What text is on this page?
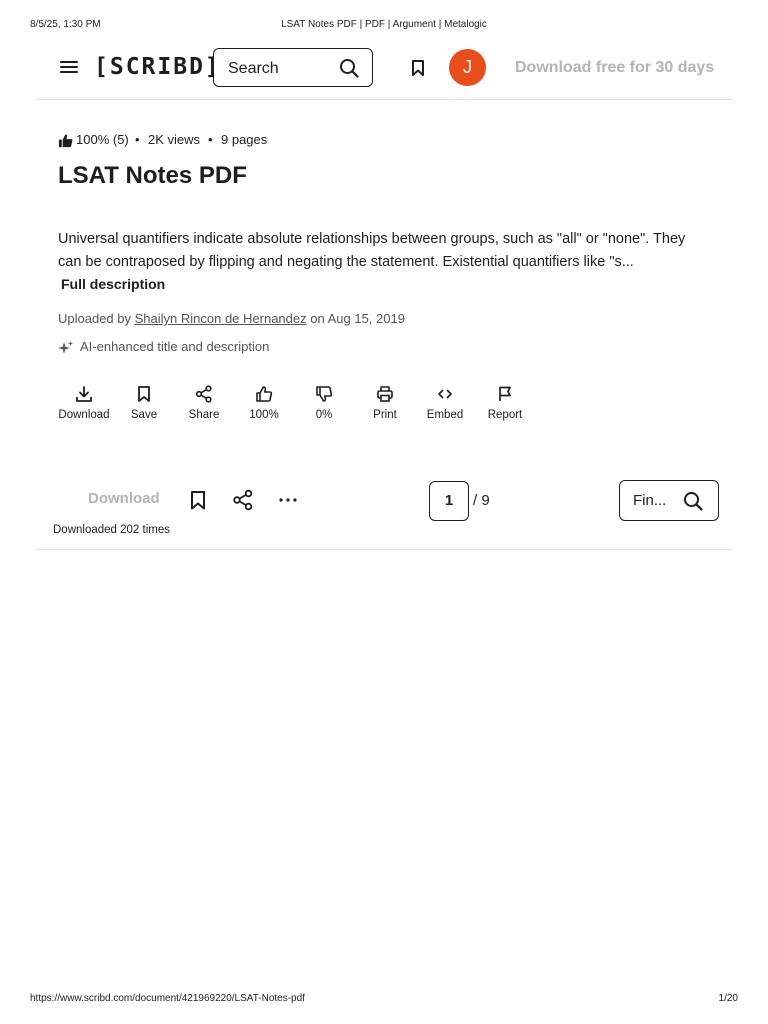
8/5/25, 1:30 PM	LSAT Notes PDF | PDF | Argument | Metalogic
[SCRIBD] Search	J	Download free for 30 days
100% (5) • 2K views • 9 pages
LSAT Notes PDF

Universal quantifiers indicate absolute relationships between groups, such as "all" or "none". They can be contraposed by flipping and negating the statement. Existential quantifiers like "s...

Full description
Uploaded by Shailyn Rincon de Hernandez on Aug 15, 2019
AI-enhanced title and description
Download	Save	Share	100%	0%	Print	Embed	Report
Download	1	/ 9	Fin...
Downloaded 202 times
https://www.scribd.com/document/421969220/LSAT-Notes-pdf	1/20
